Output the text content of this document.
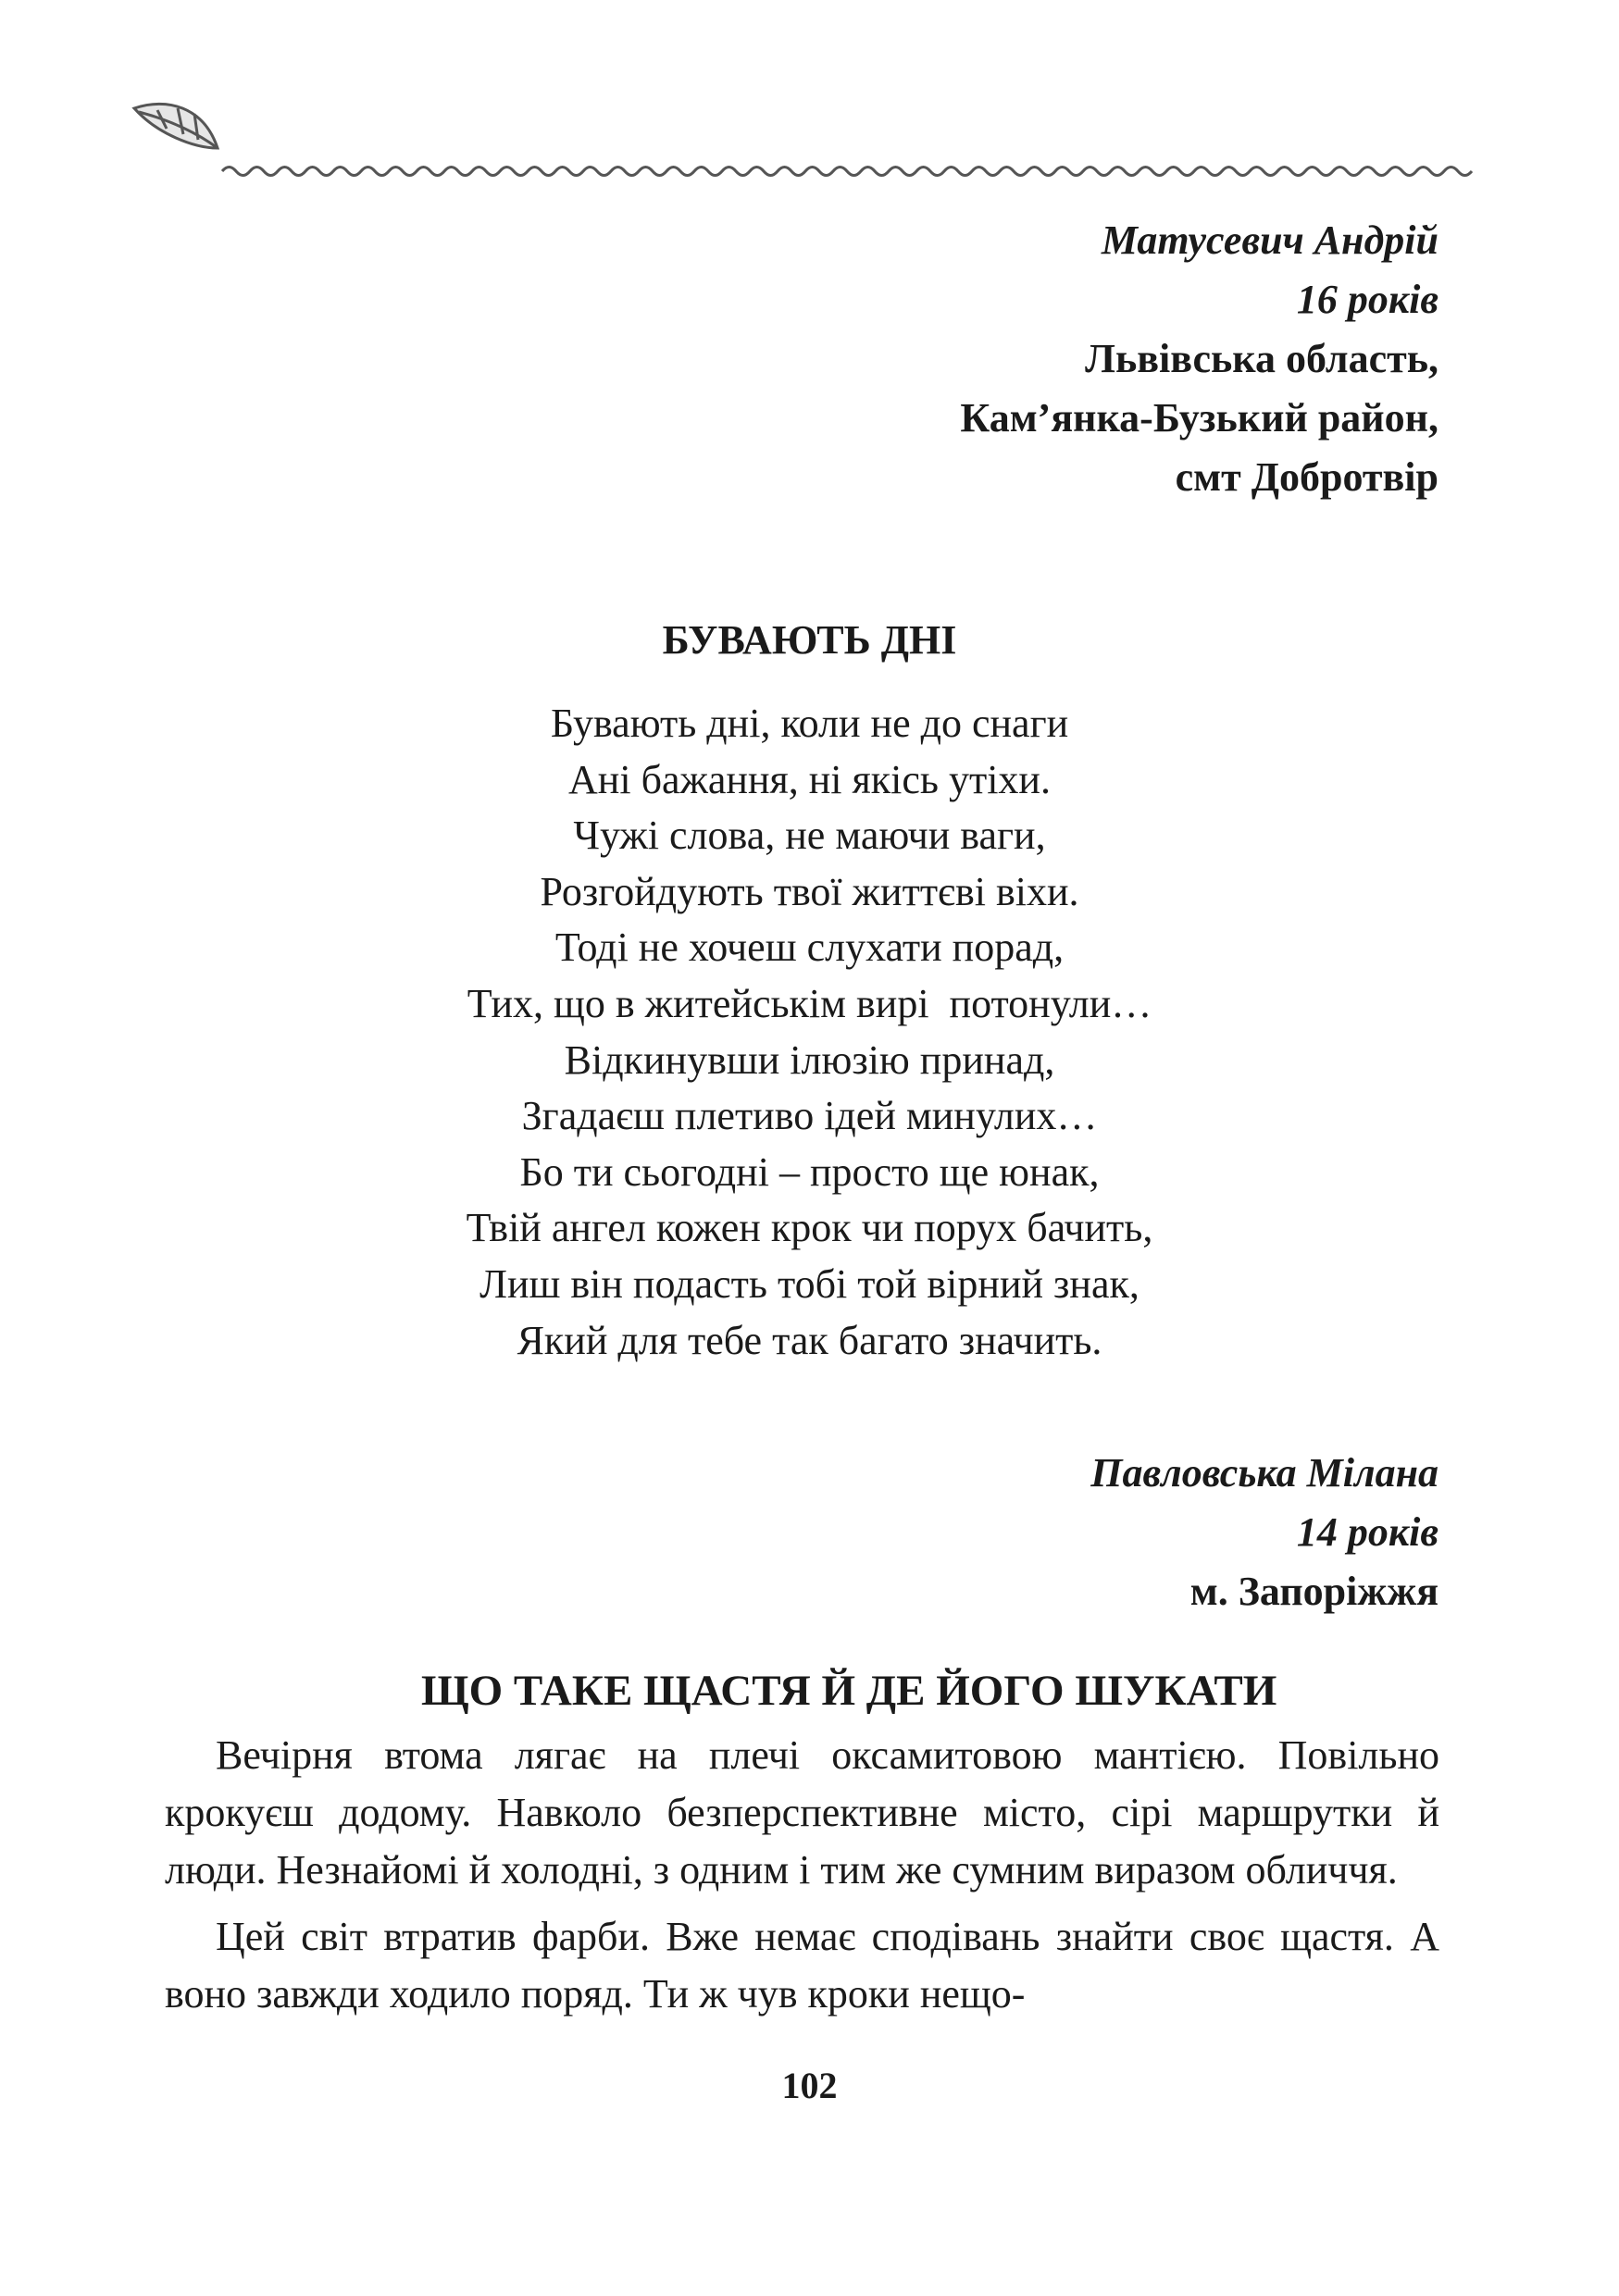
Матусевич Андрій
16 років
Львівська область,
Кам’янка-Бузький район,
смт Добротвір
БУВАЮТЬ ДНІ
Бувають дні, коли не до снаги
Ані бажання, ні якісь утіхи.
Чужі слова, не маючи ваги,
Розгойдують твої життєві віхи.
Тоді не хочеш слухати порад,
Тих, що в житейськім вирі  потонули…
Відкинувши ілюзію принад,
Згадаєш плетиво ідей минулих…
Бо ти сьогодні – просто ще юнак,
Твій ангел кожен крок чи порух бачить,
Лиш він подасть тобі той вірний знак,
Який для тебе так багато значить.
Павловська Мілана
14 років
м. Запоріжжя
ЩО ТАКЕ ЩАСТЯ Й ДЕ ЙОГО ШУКАТИ

Вечірня втома лягає на плечі оксамитовою мантією. Повільно крокуєш додому. Навколо безперспективне місто, сірі маршрутки й люди. Незнайомі й холодні, з одним і тим же сумним виразом обличчя.

Цей світ втратив фарби. Вже немає сподівань знайти своє щастя. А воно завжди ходило поряд. Ти ж чув кроки нещо-

102
